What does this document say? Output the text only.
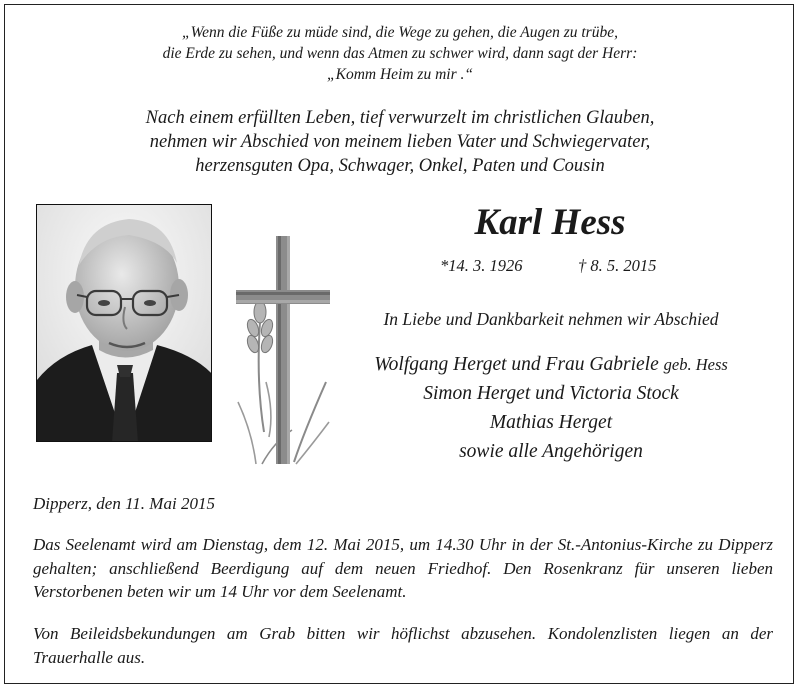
„Wenn die Füße zu müde sind, die Wege zu gehen, die Augen zu trübe,
die Erde zu sehen, und wenn das Atmen zu schwer wird, dann sagt der Herr:
„Komm Heim zu mir .“
Nach einem erfüllten Leben, tief verwurzelt im christlichen Glauben,
nehmen wir Abschied von meinem lieben Vater und Schwiegervater,
herzensguten Opa, Schwager, Onkel, Paten und Cousin
Karl Hess
*14. 3. 1926	† 8. 5. 2015
In Liebe und Dankbarkeit nehmen wir Abschied
Wolfgang Herget und Frau Gabriele geb. Hess
Simon Herget und Victoria Stock
Mathias Herget
sowie alle Angehörigen
Dipperz, den 11. Mai 2015
Das Seelenamt wird am Dienstag, dem 12. Mai 2015, um 14.30 Uhr in der St.-Antonius-Kirche zu Dipperz gehalten; anschließend Beerdigung auf dem neuen Friedhof. Den Rosenkranz für unseren lieben Verstorbenen beten wir um 14 Uhr vor dem Seelenamt.
Von Beileidsbekundungen am Grab bitten wir höflichst abzusehen. Kondolenzlisten liegen an der Trauerhalle aus.
